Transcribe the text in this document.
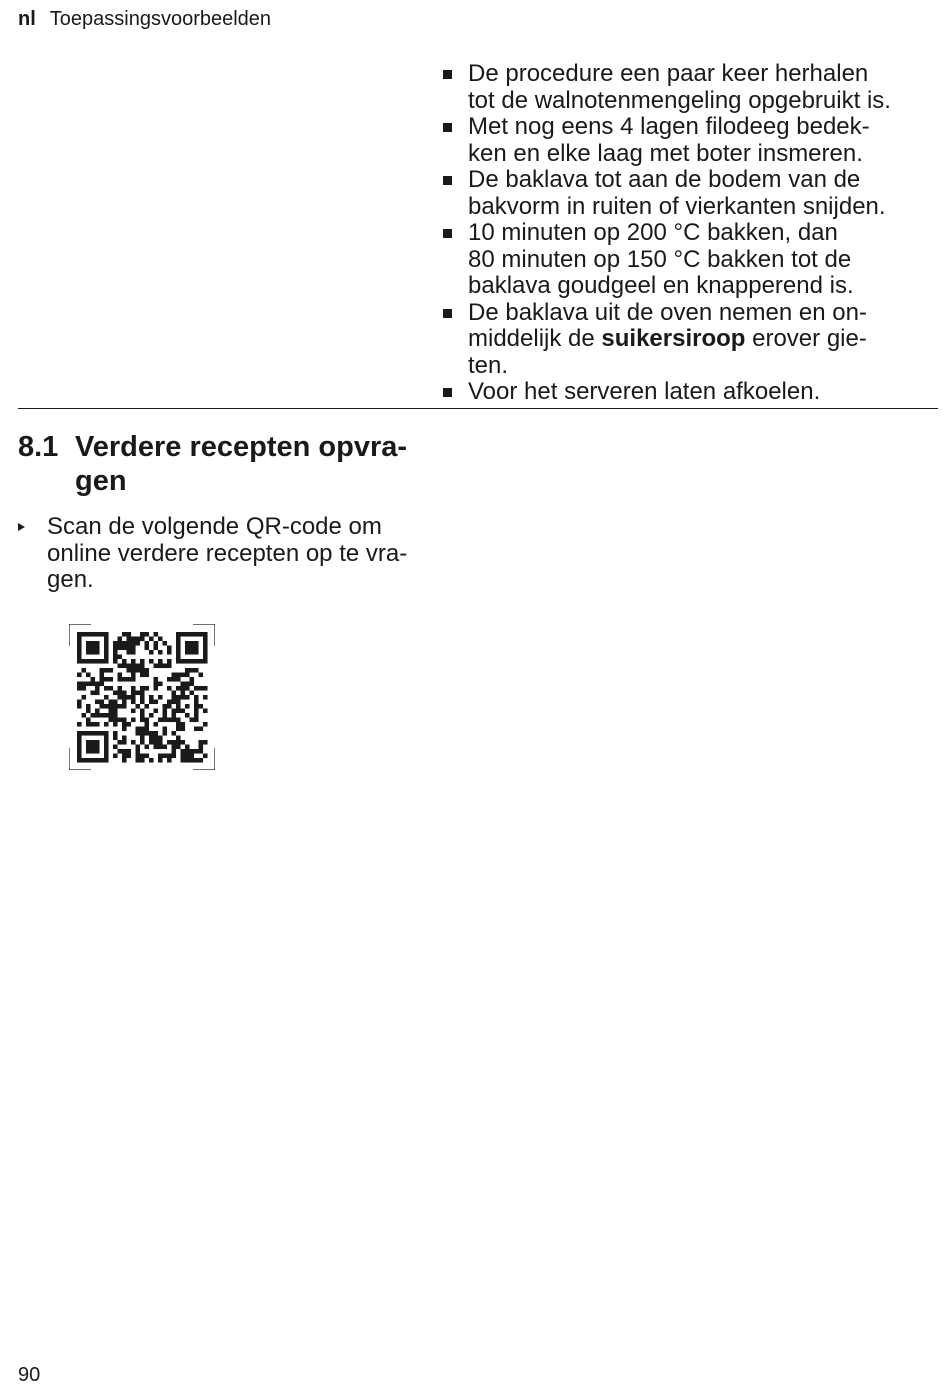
nl Toepassingsvoorbeelden
De procedure een paar keer herhalen
tot de walnotenmengeling opgebruikt is.
Met nog eens 4 lagen filodeeg bedek-
ken en elke laag met boter insmeren.
De baklava tot aan de bodem van de
bakvorm in ruiten of vierkanten snijden.
10 minuten op 200 °C bakken, dan
80 minuten op 150 °C bakken tot de
baklava goudgeel en knapperend is.
De baklava uit de oven nemen en on-
middelijk de suikersiroop erover gie-
ten.
Voor het serveren laten afkoelen.
8.1 Verdere recepten opvra-
gen
Scan de volgende QR-code om
online verdere recepten op te vra-
gen.
90
